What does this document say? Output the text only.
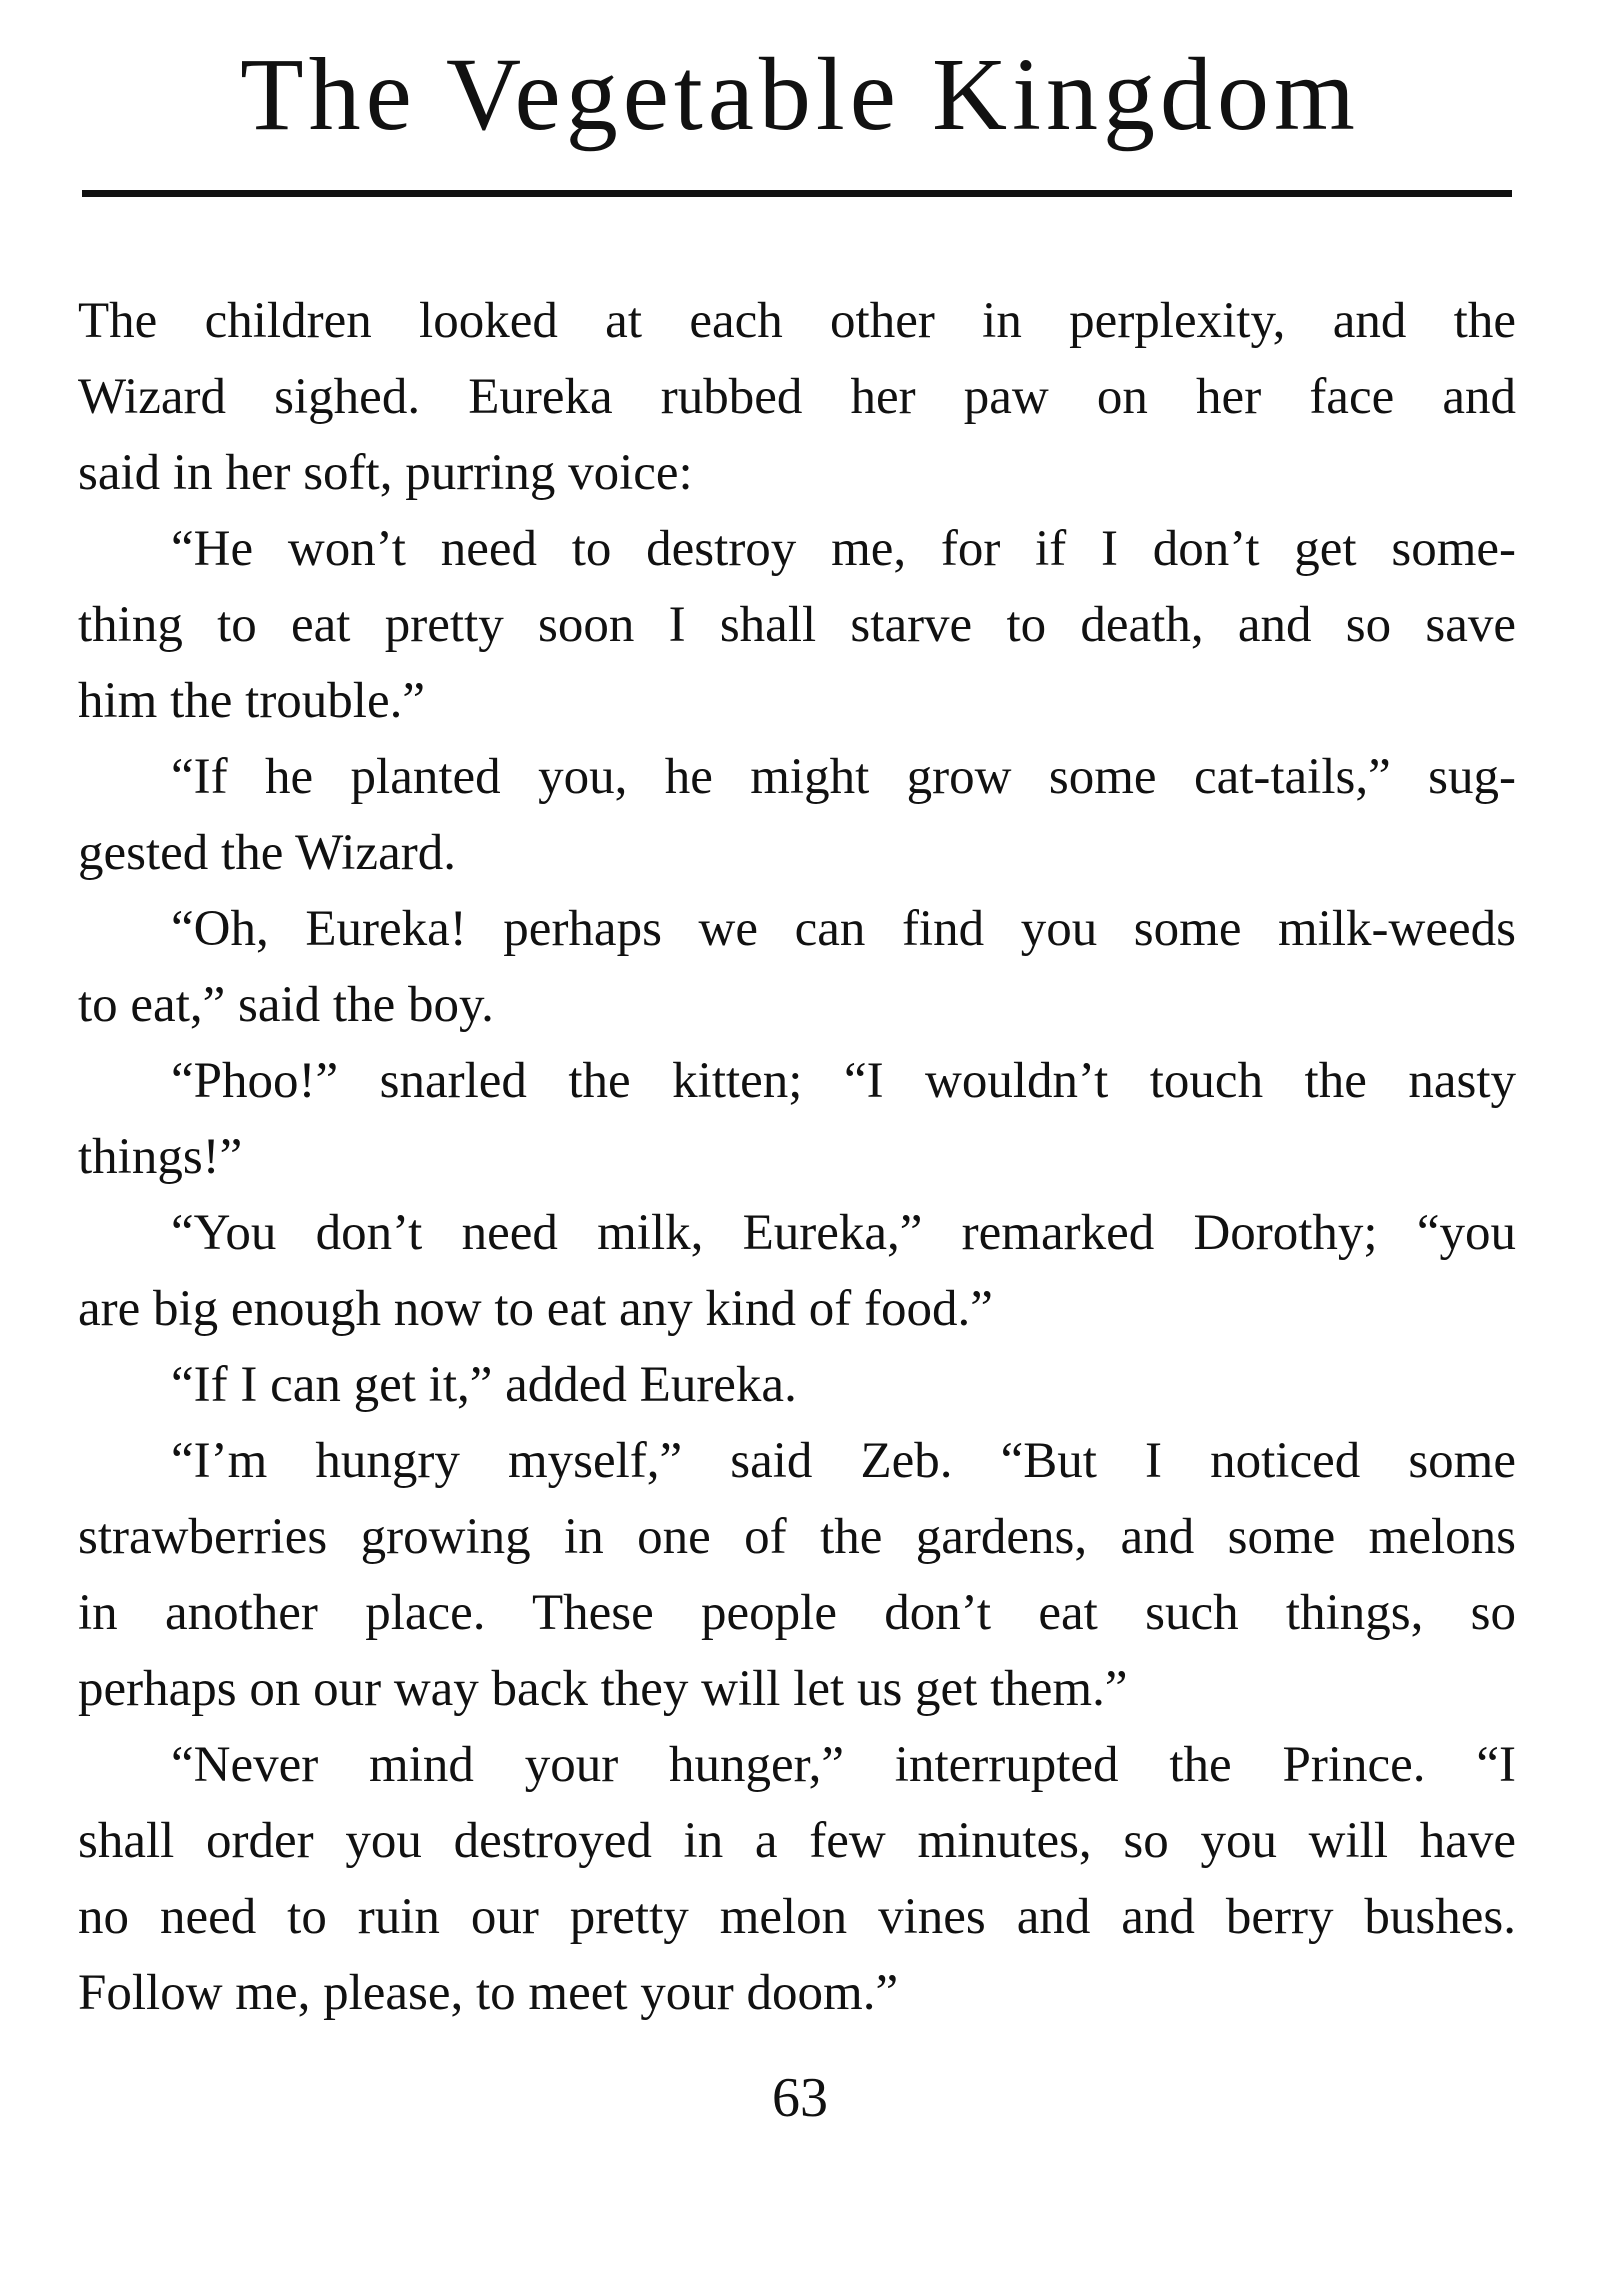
The Vegetable Kingdom
The children looked at each other in perplexity, and the
Wizard sighed. Eureka rubbed her paw on her face and
said in her soft, purring voice:
“He won’t need to destroy me, for if I don’t get some-
thing to eat pretty soon I shall starve to death, and so save
him the trouble.”
“If he planted you, he might grow some cat-tails,” sug-
gested the Wizard.
“Oh, Eureka! perhaps we can find you some milk-weeds
to eat,” said the boy.
“Phoo!” snarled the kitten; “I wouldn’t touch the nasty
things!”
“You don’t need milk, Eureka,” remarked Dorothy; “you
are big enough now to eat any kind of food.”
“If I can get it,” added Eureka.
“I’m hungry myself,” said Zeb. “But I noticed some
strawberries growing in one of the gardens, and some melons
in another place. These people don’t eat such things, so
perhaps on our way back they will let us get them.”
“Never mind your hunger,” interrupted the Prince. “I
shall order you destroyed in a few minutes, so you will have
no need to ruin our pretty melon vines and and berry bushes.
Follow me, please, to meet your doom.”
63
